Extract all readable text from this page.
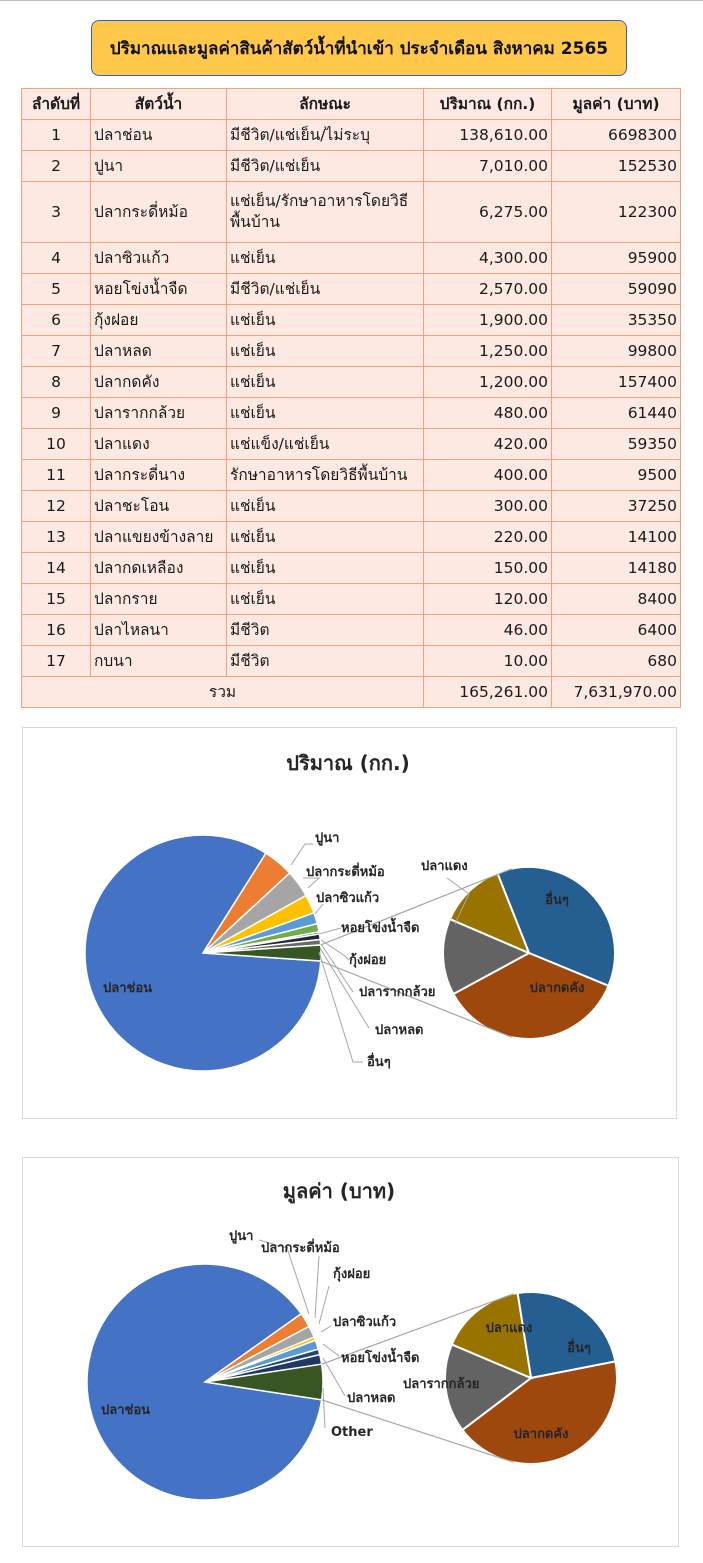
ปริมาณและมูลค่าสินค้าสัตว์น้ำที่นำเข้า ประจำเดือน สิงหาคม 2565
ลำดับที่	สัตว์น้ำ	ลักษณะ	ปริมาณ (กก.)	มูลค่า (บาท)
1	ปลาช่อน	มีชีวิต/แช่เย็น/ไม่ระบุ	138,610.00	6698300
2	ปูนา	มีชีวิต/แช่เย็น	7,010.00	152530
3	ปลากระดี่หม้อ	แช่เย็น/รักษาอาหารโดยวิธีพื้นบ้าน	6,275.00	122300
4	ปลาซิวแก้ว	แช่เย็น	4,300.00	95900
5	หอยโข่งน้ำจืด	มีชีวิต/แช่เย็น	2,570.00	59090
6	กุ้งฝอย	แช่เย็น	1,900.00	35350
7	ปลาหลด	แช่เย็น	1,250.00	99800
8	ปลากดคัง	แช่เย็น	1,200.00	157400
9	ปลารากกล้วย	แช่เย็น	480.00	61440
10	ปลาแดง	แช่แข็ง/แช่เย็น	420.00	59350
11	ปลากระดี่นาง	รักษาอาหารโดยวิธีพื้นบ้าน	400.00	9500
12	ปลาชะโอน	แช่เย็น	300.00	37250
13	ปลาแขยงข้างลาย	แช่เย็น	220.00	14100
14	ปลากดเหลือง	แช่เย็น	150.00	14180
15	ปลากราย	แช่เย็น	120.00	8400
16	ปลาไหลนา	มีชีวิต	46.00	6400
17	กบนา	มีชีวิต	10.00	680
รวม			165,261.00	7,631,970.00
ปริมาณ (กก.)
ปลาช่อน
ปูนา
ปลากระดี่หม้อ
ปลาซิวแก้ว
หอยโข่งน้ำจืด
กุ้งฝอย
ปลารากกล้วย
ปลาหลด
อื่นๆ
อื่นๆ
ปลากดคัง
ปลาแดง
มูลค่า (บาท)
ปลาช่อน
ปูนา
ปลากระดี่หม้อ
กุ้งฝอย
ปลาซิวแก้ว
หอยโข่งน้ำจืด
ปลาหลด
Other
อื่นๆ
ปลากดคัง
ปลารากกล้วย
ปลาแดง
